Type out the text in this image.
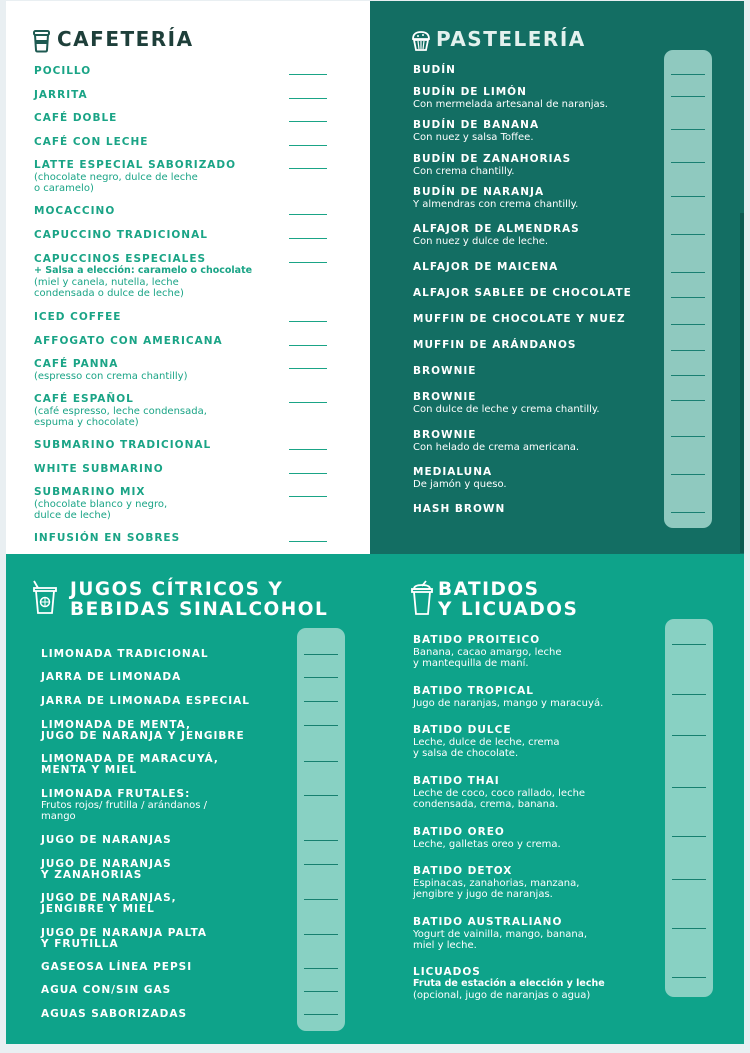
CAFETERÍA
POCILLO
JARRITA
CAFÉ DOBLE
CAFÉ CON LECHE
LATTE ESPECIAL SABORIZADO
(chocolate negro, dulce de leche
o caramelo)
MOCACCINO
CAPUCCINO TRADICIONAL
CAPUCCINOS ESPECIALES
+ Salsa a elección: caramelo o chocolate
(miel y canela, nutella, leche
condensada o dulce de leche)
ICED COFFEE
AFFOGATO CON AMERICANA
CAFÉ PANNA
(espresso con crema chantilly)
CAFÉ ESPAÑOL
(café espresso, leche condensada,
espuma y chocolate)
SUBMARINO TRADICIONAL
WHITE SUBMARINO
SUBMARINO MIX
(chocolate blanco y negro,
dulce de leche)
INFUSIÓN EN SOBRES
PASTELERÍA
BUDÍN
BUDÍN DE LIMÓN
Con mermelada artesanal de naranjas.
BUDÍN DE BANANA
Con nuez y salsa Toffee.
BUDÍN DE ZANAHORIAS
Con crema chantilly.
BUDÍN DE NARANJA
Y almendras con crema chantilly.
ALFAJOR DE ALMENDRAS
Con nuez y dulce de leche.
ALFAJOR DE MAICENA
ALFAJOR SABLEE DE CHOCOLATE
MUFFIN DE CHOCOLATE Y NUEZ
MUFFIN DE ARÁNDANOS
BROWNIE
BROWNIE
Con dulce de leche y crema chantilly.
BROWNIE
Con helado de crema americana.
MEDIALUNA
De jamón y queso.
HASH BROWN
JUGOS CÍTRICOS Y
BEBIDAS SINALCOHOL
LIMONADA TRADICIONAL
JARRA DE LIMONADA
JARRA DE LIMONADA ESPECIAL
LIMONADA DE MENTA,
JUGO DE NARANJA Y JENGIBRE
LIMONADA DE MARACUYÁ,
MENTA Y MIEL
LIMONADA FRUTALES:
Frutos rojos/ frutilla / arándanos /
mango
JUGO DE NARANJAS
JUGO DE NARANJAS
Y ZANAHORIAS
JUGO DE NARANJAS,
JENGIBRE Y MIEL
JUGO DE NARANJA PALTA
Y FRUTILLA
GASEOSA LÍNEA PEPSI
AGUA CON/SIN GAS
AGUAS SABORIZADAS
BATIDOS
Y LICUADOS
BATIDO PROITEICO
Banana, cacao amargo, leche
y mantequilla de maní.
BATIDO TROPICAL
Jugo de naranjas, mango y maracuyá.
BATIDO DULCE
Leche, dulce de leche, crema
y salsa de chocolate.
BATIDO THAI
Leche de coco, coco rallado, leche
condensada, crema, banana.
BATIDO OREO
Leche, galletas oreo y crema.
BATIDO DETOX
Espinacas, zanahorias, manzana,
jengibre y jugo de naranjas.
BATIDO AUSTRALIANO
Yogurt de vainilla, mango, banana,
miel y leche.
LICUADOS
Fruta de estación a elección y leche
(opcional, jugo de naranjas o agua)
